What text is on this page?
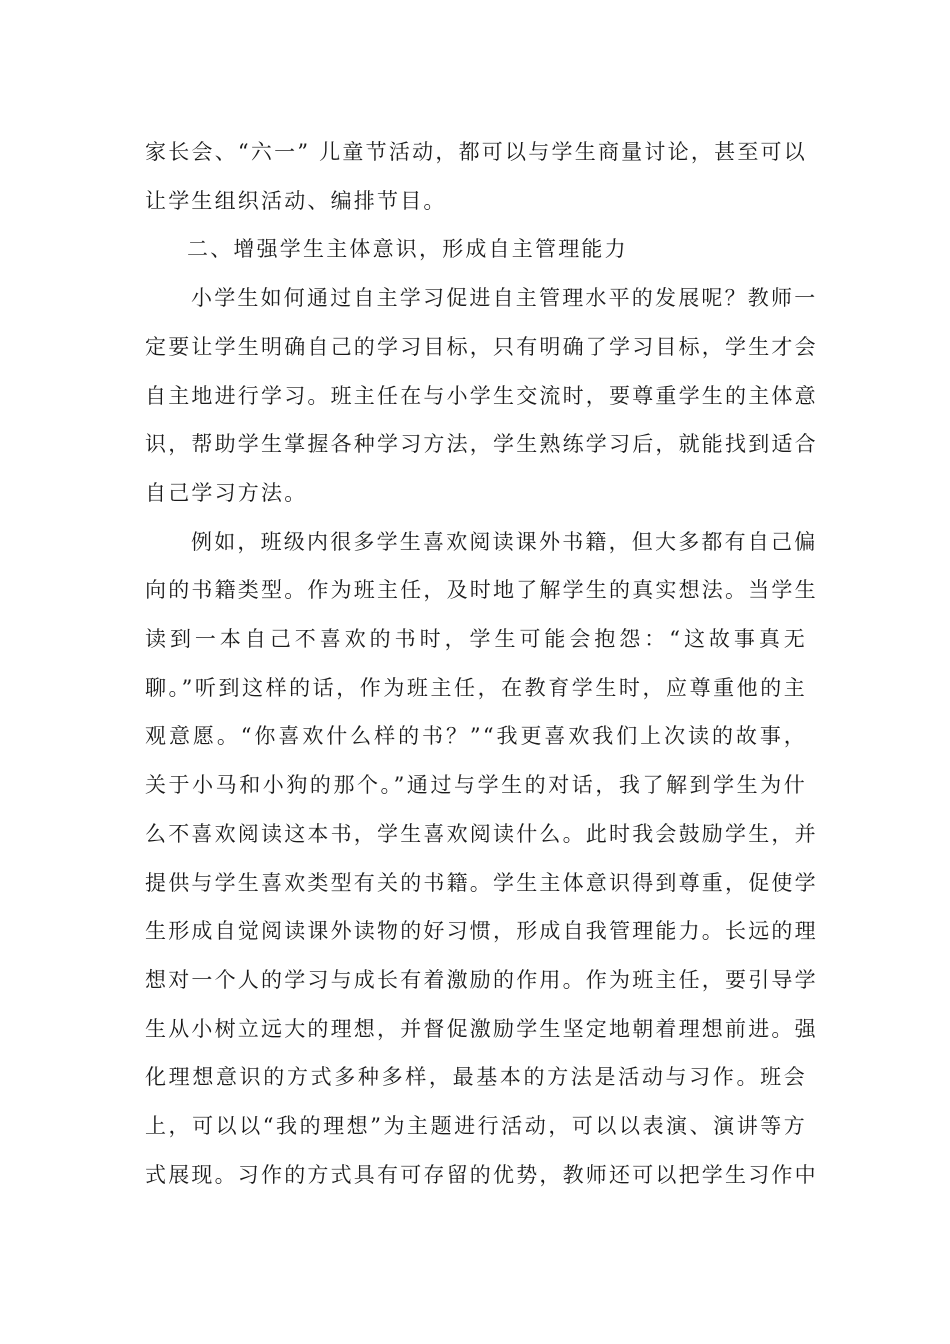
家长会、“六一” 儿童节活动，都可以与学生商量讨论，甚至可以
让学生组织活动、编排节目。
二、增强学生主体意识，形成自主管理能力
小学生如何通过自主学习促进自主管理水平的发展呢？教师一
定要让学生明确自己的学习目标，只有明确了学习目标，学生才会
自主地进行学习。班主任在与小学生交流时，要尊重学生的主体意
识，帮助学生掌握各种学习方法，学生熟练学习后，就能找到适合
自己学习方法。
例如，班级内很多学生喜欢阅读课外书籍，但大多都有自己偏
向的书籍类型。作为班主任，及时地了解学生的真实想法。当学生
读到一本自己不喜欢的书时，学生可能会抱怨：“这故事真无
聊。”听到这样的话，作为班主任，在教育学生时，应尊重他的主
观意愿。“你喜欢什么样的书？”“我更喜欢我们上次读的故事，
关于小马和小狗的那个。”通过与学生的对话，我了解到学生为什
么不喜欢阅读这本书，学生喜欢阅读什么。此时我会鼓励学生，并
提供与学生喜欢类型有关的书籍。学生主体意识得到尊重，促使学
生形成自觉阅读课外读物的好习惯，形成自我管理能力。长远的理
想对一个人的学习与成长有着激励的作用。作为班主任，要引导学
生从小树立远大的理想，并督促激励学生坚定地朝着理想前进。强
化理想意识的方式多种多样，最基本的方法是活动与习作。班会
上，可以以“我的理想”为主题进行活动，可以以表演、演讲等方
式展现。习作的方式具有可存留的优势，教师还可以把学生习作中
